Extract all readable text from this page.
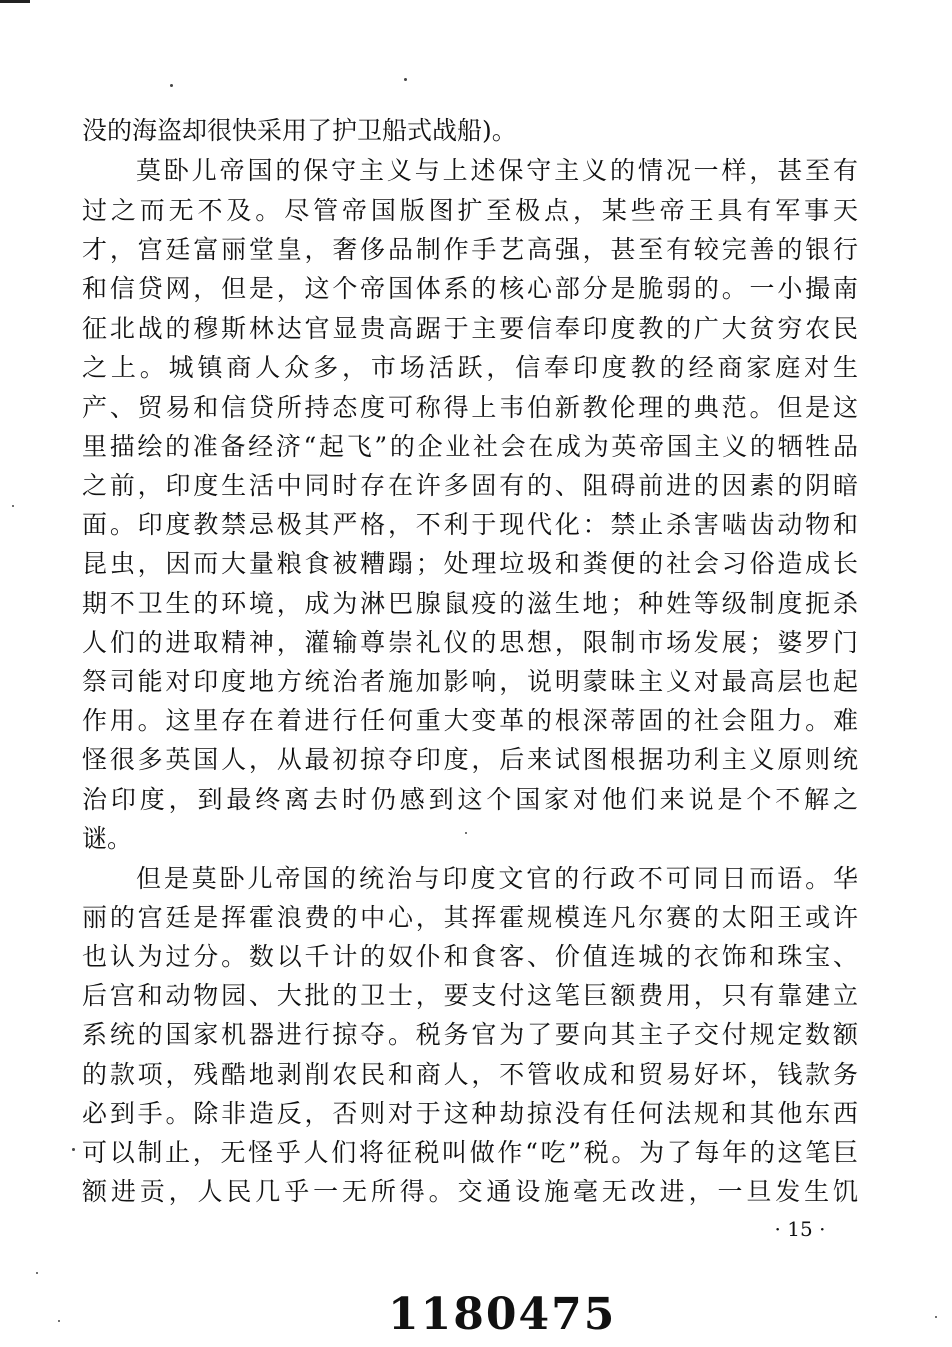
没的海盗却很快采用了护卫船式战船)。
莫卧儿帝国的保守主义与上述保守主义的情况一样，甚至有
过之而无不及。尽管帝国版图扩至极点，某些帝王具有军事天
才，宫廷富丽堂皇，奢侈品制作手艺高强，甚至有较完善的银行
和信贷网，但是，这个帝国体系的核心部分是脆弱的。一小撮南
征北战的穆斯林达官显贵高踞于主要信奉印度教的广大贫穷农民
之上。城镇商人众多，市场活跃，信奉印度教的经商家庭对生
产、贸易和信贷所持态度可称得上韦伯新教伦理的典范。但是这
里描绘的准备经济“起飞”的企业社会在成为英帝国主义的牺牲品
之前，印度生活中同时存在许多固有的、阻碍前进的因素的阴暗
面。印度教禁忌极其严格，不利于现代化：禁止杀害啮齿动物和
昆虫，因而大量粮食被糟蹋；处理垃圾和粪便的社会习俗造成长
期不卫生的环境，成为淋巴腺鼠疫的滋生地；种姓等级制度扼杀
人们的进取精神，灌输尊崇礼仪的思想，限制市场发展；婆罗门
祭司能对印度地方统治者施加影响，说明蒙昧主义对最高层也起
作用。这里存在着进行任何重大变革的根深蒂固的社会阻力。难
怪很多英国人，从最初掠夺印度，后来试图根据功利主义原则统
治印度，到最终离去时仍感到这个国家对他们来说是个不解之
谜。
但是莫卧儿帝国的统治与印度文官的行政不可同日而语。华
丽的宫廷是挥霍浪费的中心，其挥霍规模连凡尔赛的太阳王或许
也认为过分。数以千计的奴仆和食客、价值连城的衣饰和珠宝、
后宫和动物园、大批的卫士，要支付这笔巨额费用，只有靠建立
系统的国家机器进行掠夺。税务官为了要向其主子交付规定数额
的款项，残酷地剥削农民和商人，不管收成和贸易好坏，钱款务
必到手。除非造反，否则对于这种劫掠没有任何法规和其他东西
可以制止，无怪乎人们将征税叫做作“吃”税。为了每年的这笔巨
额进贡，人民几乎一无所得。交通设施毫无改进，一旦发生饥
· 15 ·
1180475
